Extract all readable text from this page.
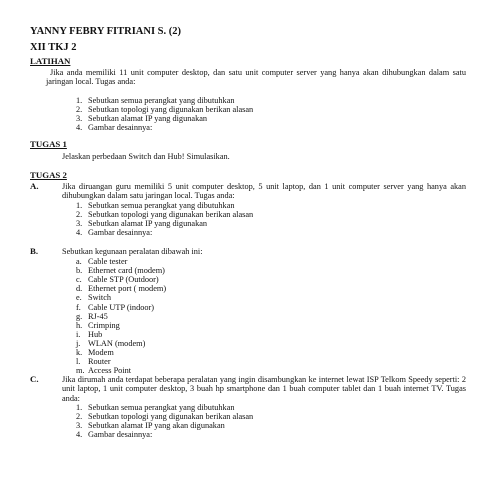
YANNY FEBRY FITRIANI S. (2)
XII TKJ 2
LATIHAN
Jika anda memiliki 11 unit computer desktop, dan satu unit computer server yang hanya akan dihubungkan dalam satu jaringan local. Tugas anda:
1. Sebutkan semua perangkat yang dibutuhkan
2. Sebutkan topologi yang digunakan berikan alasan
3. Sebutkan alamat IP yang digunakan
4. Gambar desainnya:
TUGAS 1
Jelaskan perbedaan Switch dan Hub! Simulasikan.
TUGAS 2
A.	Jika diruangan guru memiliki 5 unit computer desktop, 5 unit laptop, dan 1 unit computer server yang hanya akan dihubungkan dalam satu jaringan local. Tugas anda:
1. Sebutkan semua perangkat yang dibutuhkan
2. Sebutkan topologi yang digunakan berikan alasan
3. Sebutkan alamat IP yang digunakan
4. Gambar desainnya:
B.	Sebutkan kegunaan peralatan dibawah ini:
a. Cable tester
b. Ethernet card (modem)
c. Cable STP (Outdoor)
d. Ethernet port ( modem)
e. Switch
f. Cable UTP (indoor)
g. RJ-45
h. Crimping
i. Hub
j. WLAN (modem)
k. Modem
l. Router
m. Access Point
C.	Jika dirumah anda terdapat beberapa peralatan yang ingin disambungkan ke internet lewat ISP Telkom Speedy seperti: 2 unit laptop, 1 unit computer desktop, 3 buah hp smartphone dan 1 buah computer tablet dan 1 buah internet TV. Tugas anda:
1. Sebutkan semua perangkat yang dibutuhkan
2. Sebutkan topologi yang digunakan berikan alasan
3. Sebutkan alamat IP yang akan digunakan
4. Gambar desainnya:
